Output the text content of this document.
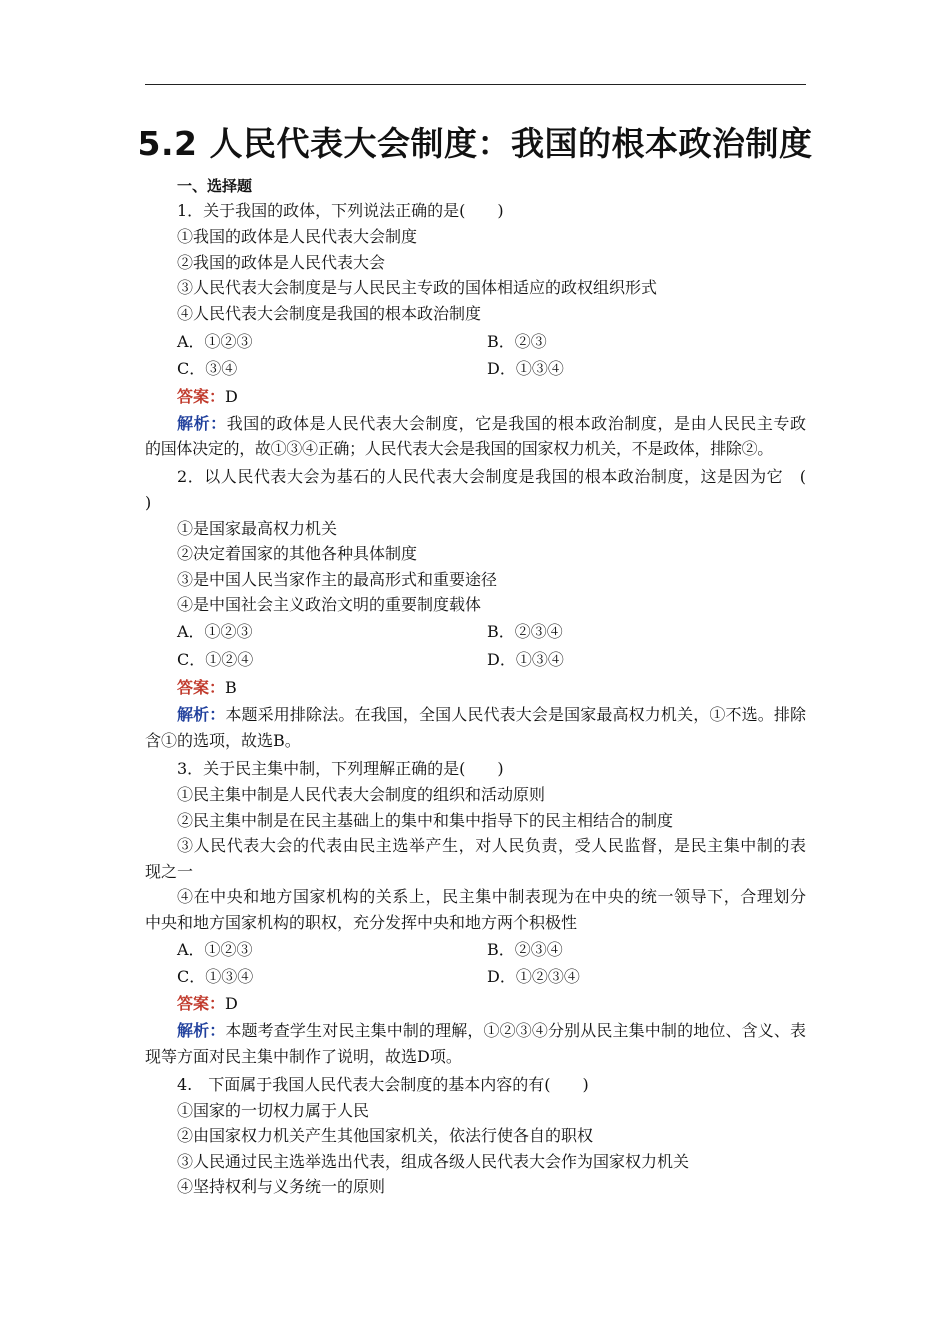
5.2 人民代表大会制度：我国的根本政治制度
一、选择题
1．关于我国的政体，下列说法正确的是(　　)
①我国的政体是人民代表大会制度
②我国的政体是人民代表大会
③人民代表大会制度是与人民民主专政的国体相适应的政权组织形式
④人民代表大会制度是我国的根本政治制度
A．①②③	B．②③
C．③④	D．①③④
答案：D
解析：我国的政体是人民代表大会制度，它是我国的根本政治制度，是由人民民主专政
的国体决定的，故①③④正确；人民代表大会是我国的国家权力机关，不是政体，排除②。
2．以人民代表大会为基石的人民代表大会制度是我国的根本政治制度，这是因为它　(
)
①是国家最高权力机关
②决定着国家的其他各种具体制度
③是中国人民当家作主的最高形式和重要途径
④是中国社会主义政治文明的重要制度载体
A．①②③	B．②③④
C．①②④	D．①③④
答案：B
解析：本题采用排除法。在我国，全国人民代表大会是国家最高权力机关，①不选。排除
含①的选项，故选B。
3．关于民主集中制，下列理解正确的是(　　)
①民主集中制是人民代表大会制度的组织和活动原则
②民主集中制是在民主基础上的集中和集中指导下的民主相结合的制度
③人民代表大会的代表由民主选举产生，对人民负责，受人民监督，是民主集中制的表
现之一
④在中央和地方国家机构的关系上，民主集中制表现为在中央的统一领导下，合理划分
中央和地方国家机构的职权，充分发挥中央和地方两个积极性
A．①②③	B．②③④
C．①③④	D．①②③④
答案：D
解析：本题考查学生对民主集中制的理解，①②③④分别从民主集中制的地位、含义、表
现等方面对民主集中制作了说明，故选D项。
4.　下面属于我国人民代表大会制度的基本内容的有(　　)
①国家的一切权力属于人民
②由国家权力机关产生其他国家机关，依法行使各自的职权
③人民通过民主选举选出代表，组成各级人民代表大会作为国家权力机关
④坚持权利与义务统一的原则
